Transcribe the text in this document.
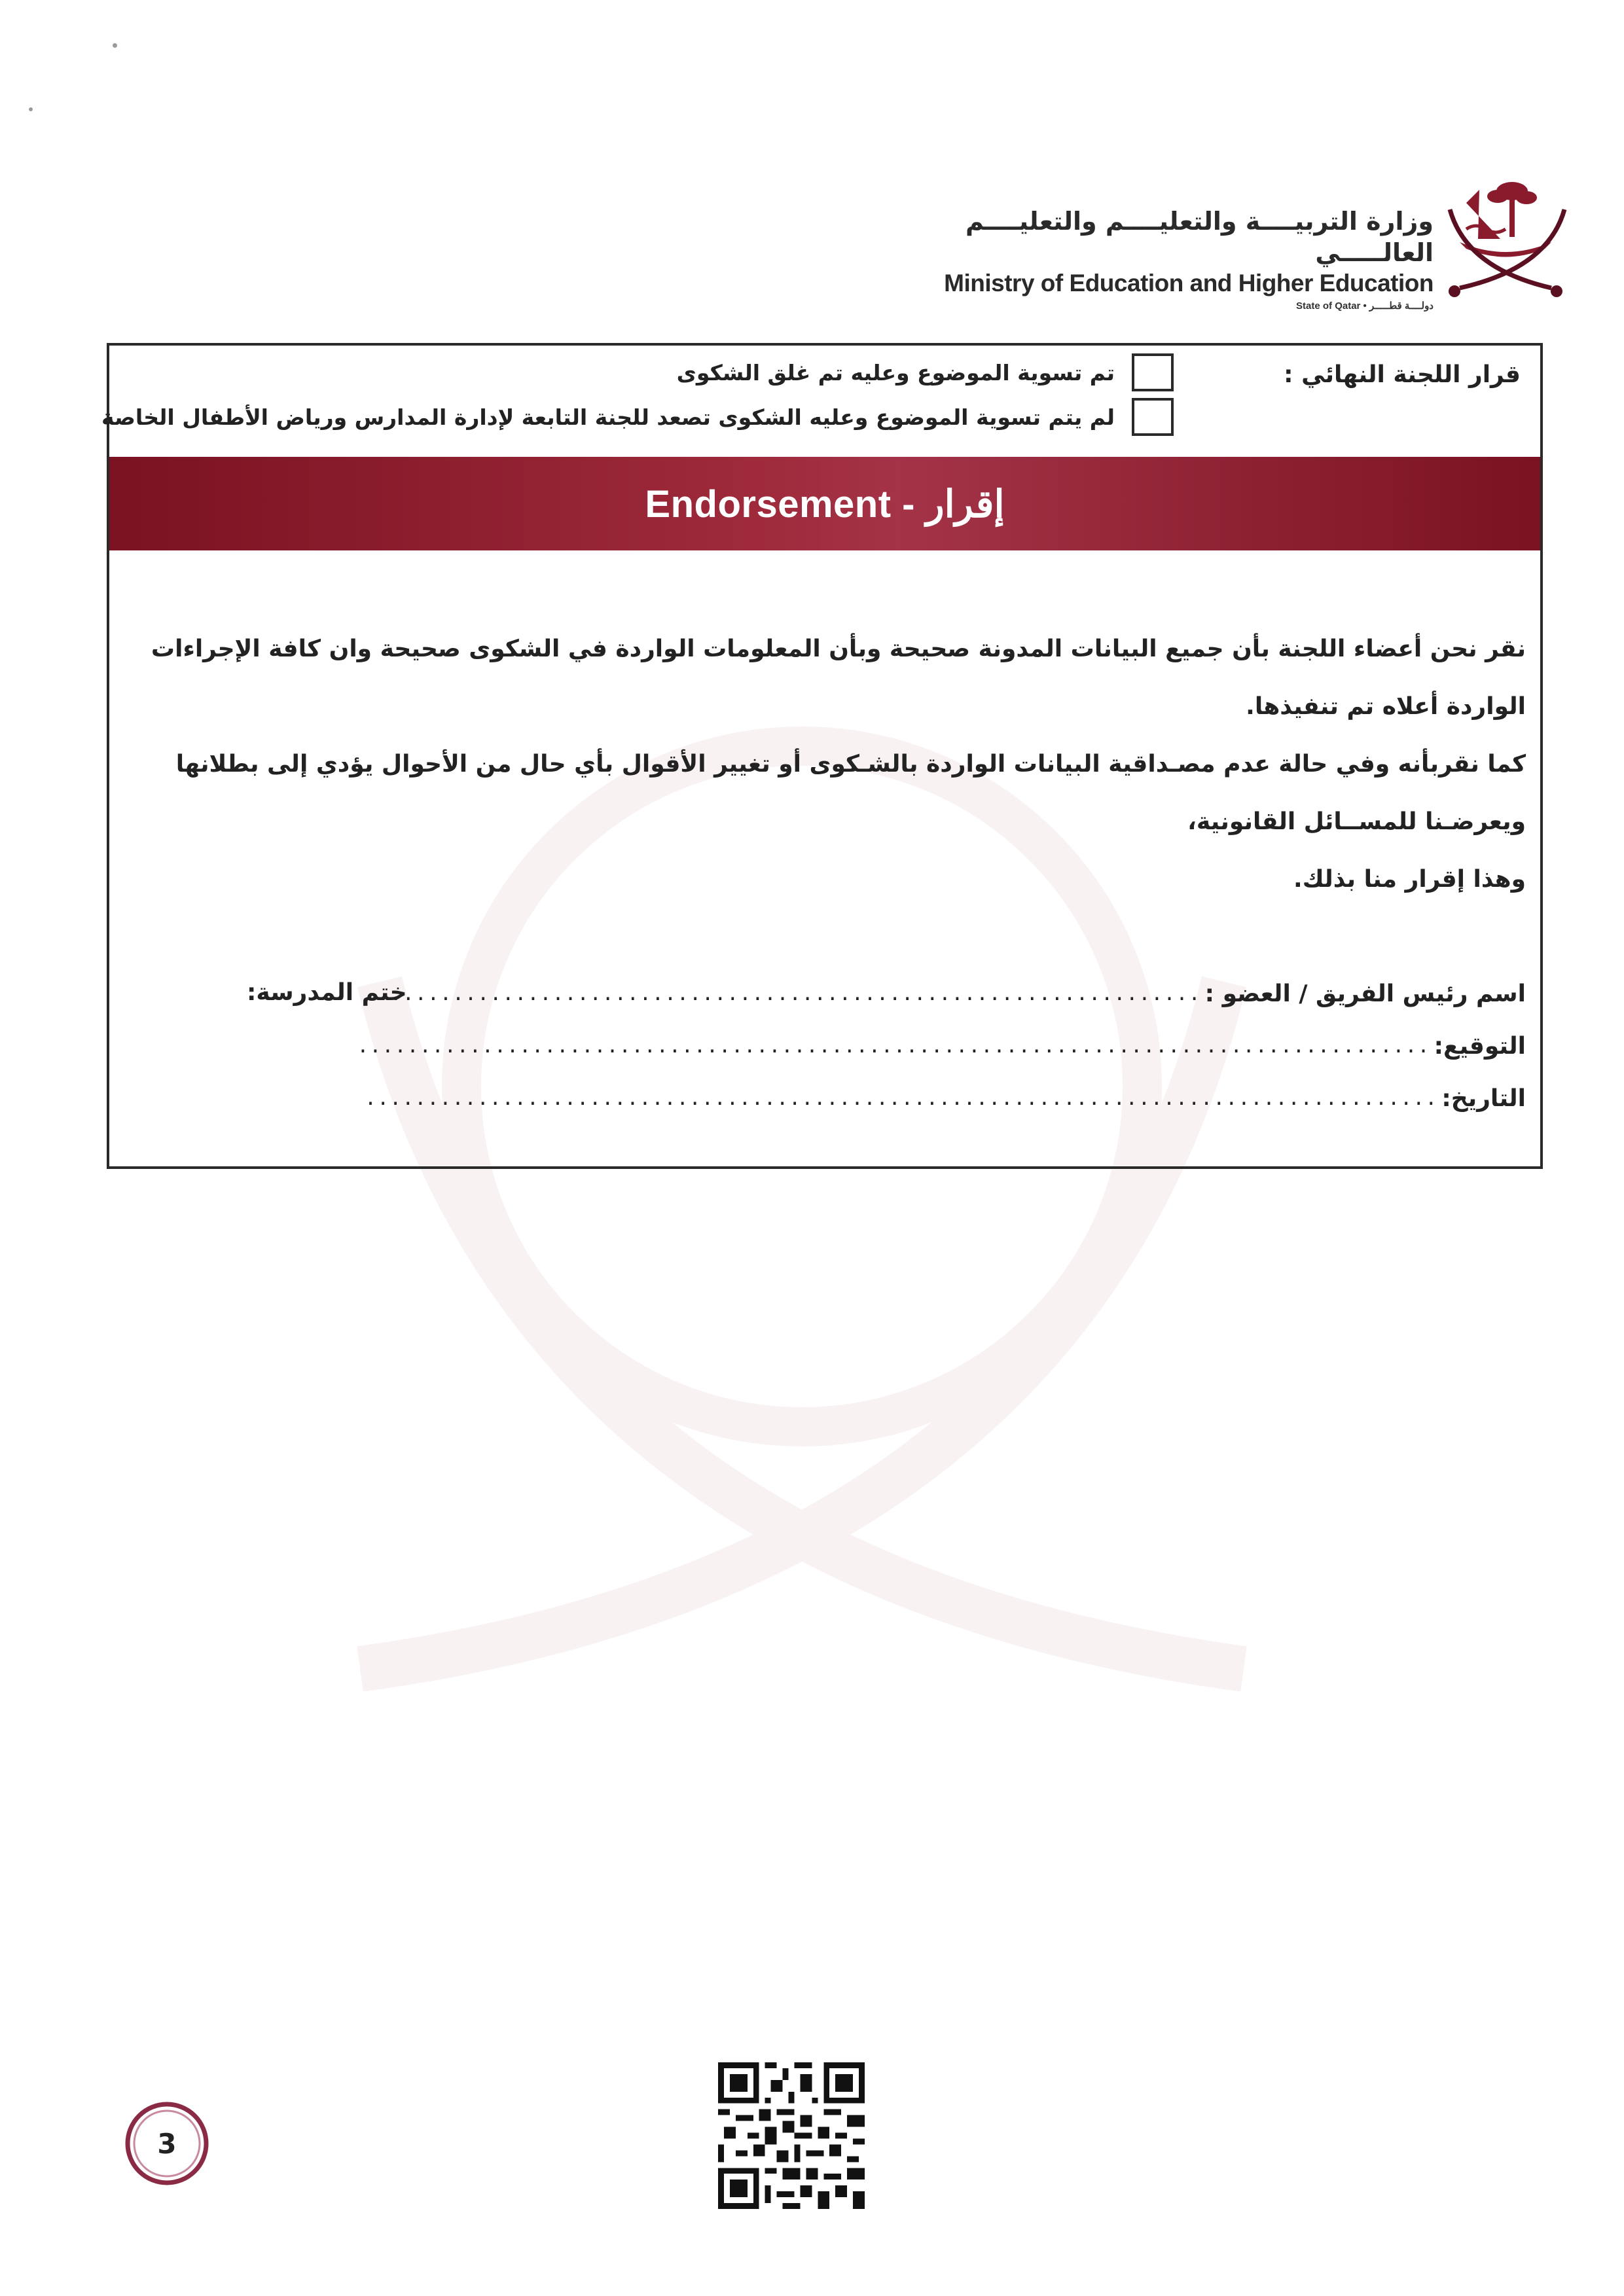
وزارة التربيــــة والتعليــــم والتعليــــم العالـــــي
Ministry of Education and Higher Education
State of Qatar • دولــــة قطـــــر
قرار اللجنة النهائي :
تم تسوية الموضوع وعليه تم غلق الشكوى
لم يتم تسوية الموضوع وعليه الشكوى تصعد للجنة التابعة لإدارة المدارس ورياض الأطفال الخاصة
Endorsement - إقرار

نقر نحن أعضاء اللجنة بأن جميع البيانات المدونة صحيحة وبأن المعلومات الواردة في الشكوى صحيحة وان كافة الإجراءات الواردة أعلاه تم تنفيذها.

كما نقربأنه وفي حالة عدم مصـداقية البيانات الواردة بالشـكوى أو تغيير الأقوال بأي حال من الأحوال يؤدي إلى بطلانها ويعرضـنا للمســائل القانونية،

وهذا إقرار منا بذلك.

اسم رئيس الفريق / العضو :
..................................................................
التوقيع:
......................................................................................
التاريخ:
......................................................................................
ختم المدرسة:
3
